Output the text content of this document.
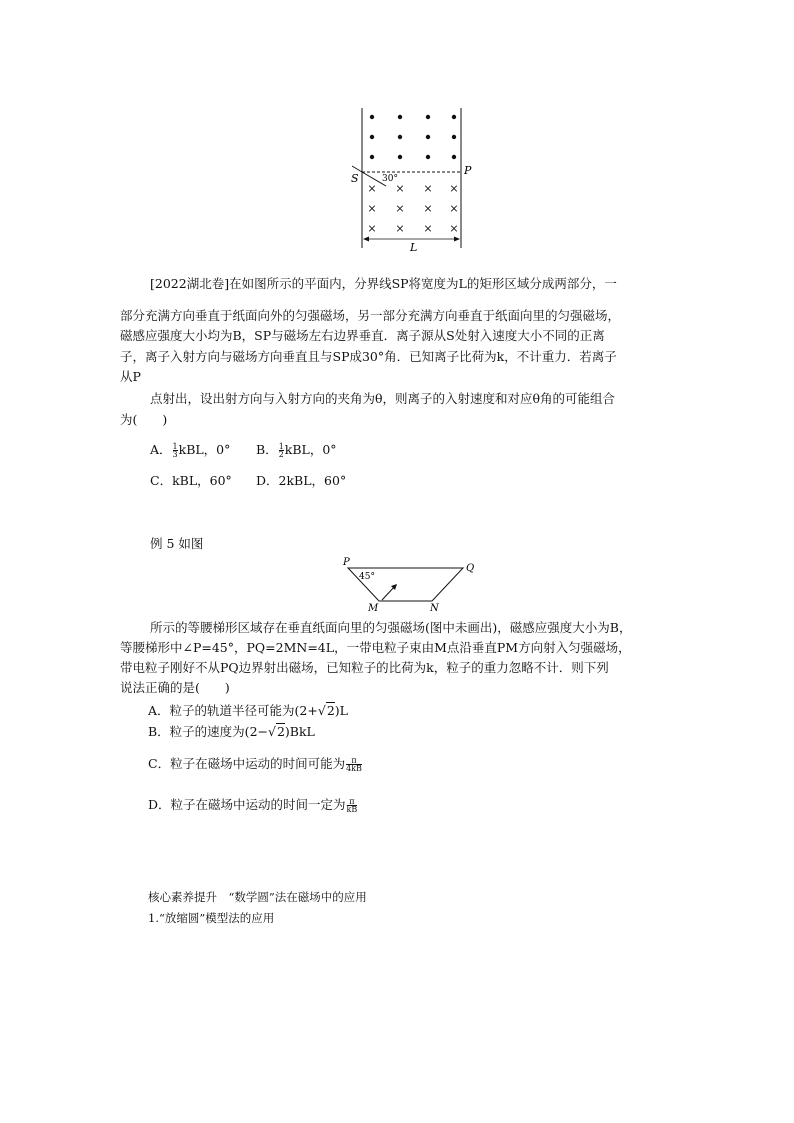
× × × ×
× × × ×
× × × ×
S
P
30°
L
[2022湖北卷]在如图所示的平面内，分界线SP将宽度为L的矩形区域分成两部分，一
部分充满方向垂直于纸面向外的匀强磁场，另一部分充满方向垂直于纸面向里的匀强磁场，
磁感应强度大小均为B，SP与磁场左右边界垂直．离子源从S处射入速度大小不同的正离
子，离子入射方向与磁场方向垂直且与SP成30°角．已知离子比荷为k，不计重力．若离子
从P
点射出，设出射方向与入射方向的夹角为θ，则离子的入射速度和对应θ角的可能组合
为(　　)
A． $\frac{1}{3}$ kBL，0° B． $\frac{1}{2}$ kBL，0°
C．kBL，60° D．2kBL，60°
例 5 如图
P
Q
M	N
45°
所示的等腰梯形区域存在垂直纸面向里的匀强磁场(图中未画出)，磁感应强度大小为B，
等腰梯形中∠P=45°，PQ=2MN=4L，一带电粒子束由M点沿垂直PM方向射入匀强磁场，
带电粒子刚好不从PQ边界射出磁场，已知粒子的比荷为k，粒子的重力忽略不计．则下列
说法正确的是(　　)
A．粒子的轨道半径可能为(2+√2)L
B．粒子的速度为(2−√2)BkL
C．粒子在磁场中运动的时间可能为 $\frac{\pi}{4kB}$
D．粒子在磁场中运动的时间一定为 $\frac{\pi}{kB}$
核心素养提升　“数学圆”法在磁场中的应用
1.“放缩圆”模型法的应用
